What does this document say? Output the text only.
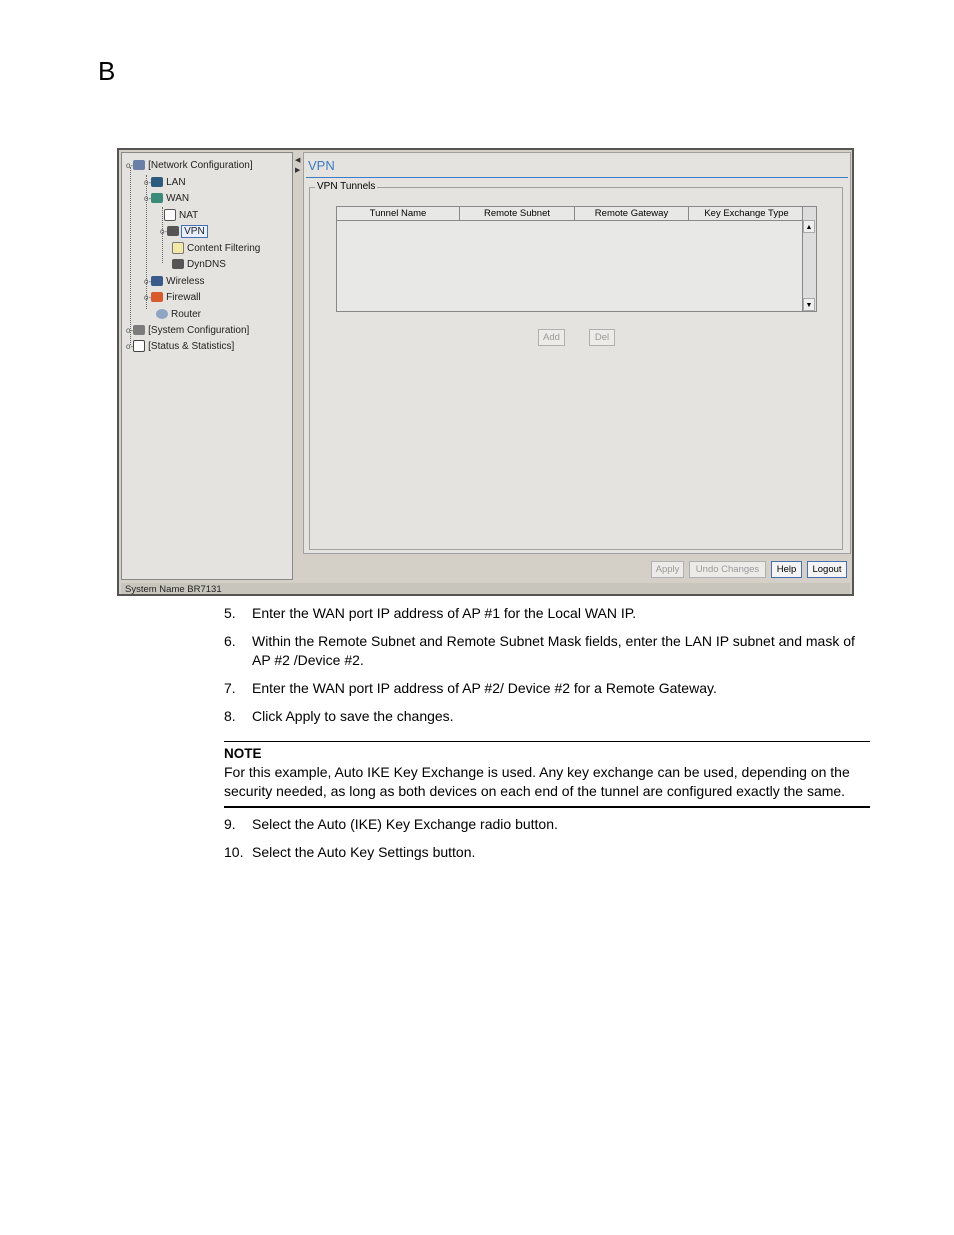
B
o- [Network Configuration]
o- LAN
o- WAN
NAT
o- VPN
Content Filtering
DynDNS
o- Wireless
o- Firewall
Router
o- [System Configuration]
o- [Status & Statistics]
◀
▶ VPN
VPN Tunnels
Tunnel Name	Remote Subnet	Remote Gateway	Key Exchange Type
▲
▼
Add	Del
Apply	Undo Changes	Help	Logout
System Name BR7131
5. Enter the WAN port IP address of AP #1 for the Local WAN IP.
6. Within the Remote Subnet and Remote Subnet Mask fields, enter the LAN IP subnet and mask of AP #2 /Device #2.
7. Enter the WAN port IP address of AP #2/ Device #2 for a Remote Gateway.
8. Click Apply to save the changes.
9. Select the Auto (IKE) Key Exchange radio button.
10. Select the Auto Key Settings button.
NOTE
For this example, Auto IKE Key Exchange is used. Any key exchange can be used, depending on the security needed, as long as both devices on each end of the tunnel are configured exactly the same.
